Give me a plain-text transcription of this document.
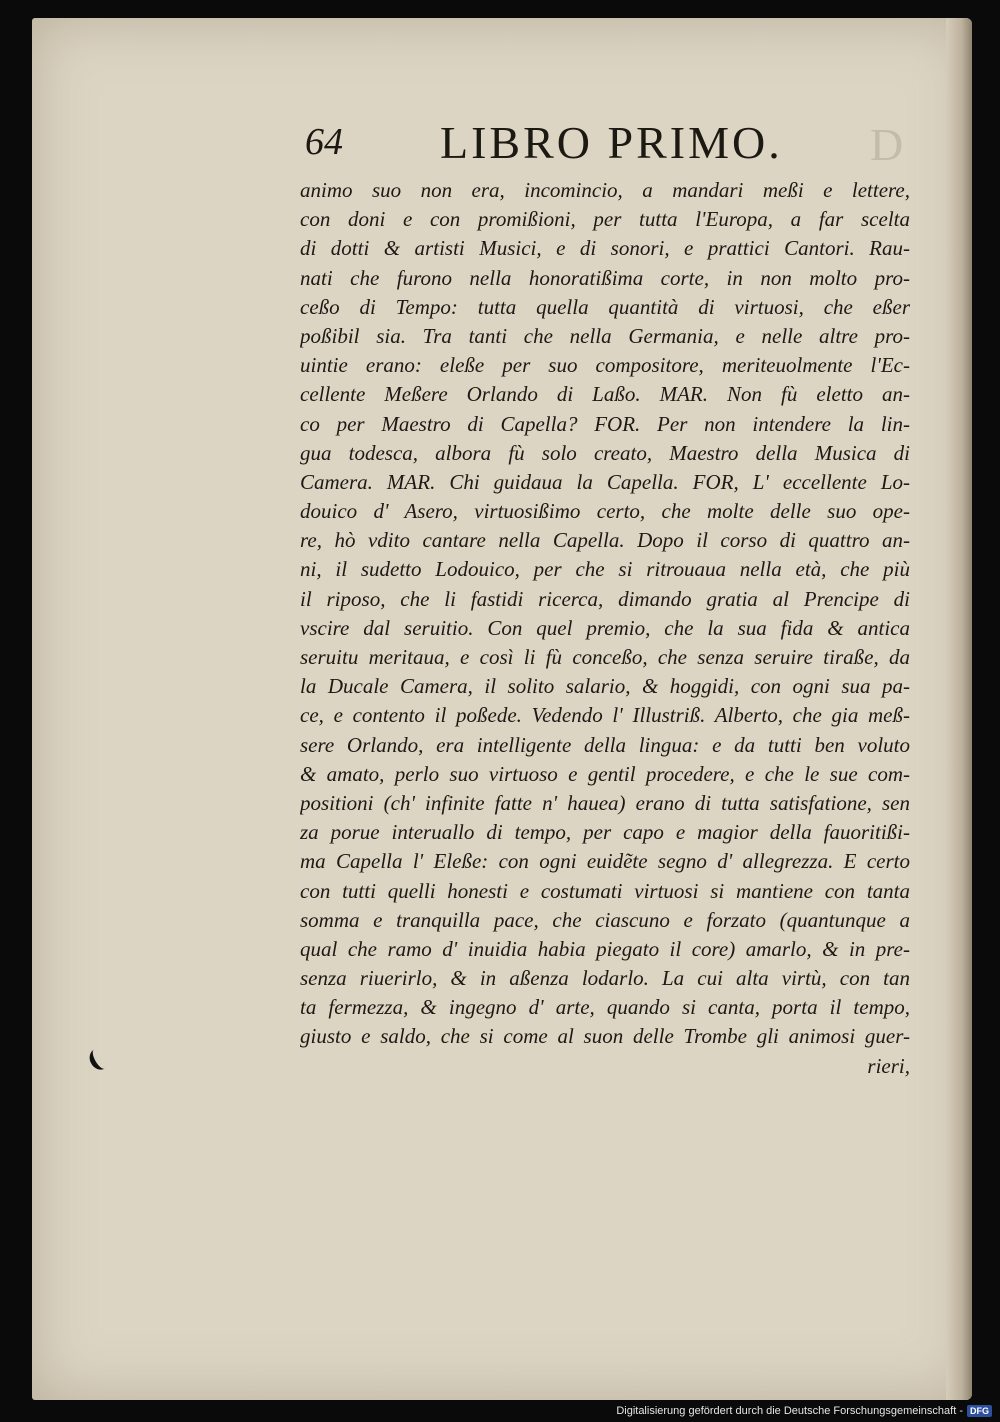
64 LIBRO PRIMO. D
animo suo non era, incomincio, a mandari meßi e lettere,
con doni e con promißioni, per tutta l'Europa, a far scelta
di dotti & artisti Musici, e di sonori, e prattici Cantori. Rau-
nati che furono nella honoratißima corte, in non molto pro-
ceßo di Tempo: tutta quella quantità di virtuosi, che eßer
poßibil sia. Tra tanti che nella Germania, e nelle altre pro-
uintie erano: eleße per suo compositore, meriteuolmente l'Ec-
cellente Meßere Orlando di Laßo. MAR. Non fù eletto an-
co per Maestro di Capella? FOR. Per non intendere la lin-
gua todesca, albora fù solo creato, Maestro della Musica di
Camera. MAR. Chi guidaua la Capella. FOR, L' eccellente Lo-
douico d' Asero, virtuosißimo certo, che molte delle suo ope-
re, hò vdito cantare nella Capella. Dopo il corso di quattro an-
ni, il sudetto Lodouico, per che si ritrouaua nella età, che più
il riposo, che li fastidi ricerca, dimando gratia al Prencipe di
vscire dal seruitio. Con quel premio, che la sua fida & antica
seruitu meritaua, e così li fù conceßo, che senza seruire tiraße, da
la Ducale Camera, il solito salario, & hoggidi, con ogni sua pa-
ce, e contento il poßede. Vedendo l' Illustriß. Alberto, che gia meß-
sere Orlando, era intelligente della lingua: e da tutti ben voluto
& amato, perlo suo virtuoso e gentil procedere, e che le sue com-
positioni (ch' infinite fatte n' hauea) erano di tutta satisfatione, sen
za porue interuallo di tempo, per capo e magior della fauoritißi-
ma Capella l' Eleße: con ogni euidẽte segno d' allegrezza. E certo
con tutti quelli honesti e costumati virtuosi si mantiene con tanta
somma e tranquilla pace, che ciascuno e forzato (quantunque a
qual che ramo d' inuidia habia piegato il core) amarlo, & in pre-
senza riuerirlo, & in aßenza lodarlo. La cui alta virtù, con tan
ta fermezza, & ingegno d' arte, quando si canta, porta il tempo,
giusto e saldo, che si come al suon delle Trombe gli animosi guer-
rieri,
Digitalisierung gefördert durch die Deutsche Forschungsgemeinschaft - DFG
